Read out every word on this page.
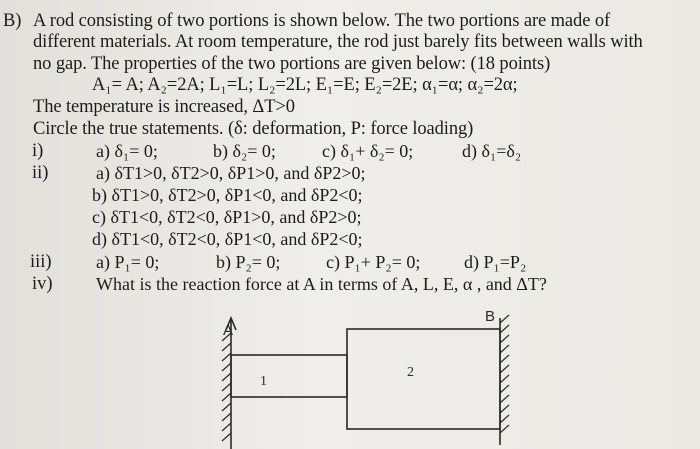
B) A rod consisting of two portions is shown below. The two portions are made of
different materials. At room temperature, the rod just barely fits between walls with
no gap. The properties of the two portions are given below: (18 points)
A₁= A; A₂=2A; L₁=L; L₂=2L; E₁=E; E₂=2E; α₁=α; α₂=2α;
The temperature is increased, ΔT>0
Circle the true statements. (δ: deformation, P: force loading)
i)	a) δ₁= 0;	b) δ₂= 0;	c) δ₁+ δ₂= 0;	d) δ₁=δ₂
ii)	a) δT1>0, δT2>0, δP1>0, and δP2>0;
b) δT1>0, δT2>0, δP1<0, and δP2<0;
c) δT1<0, δT2<0, δP1>0, and δP2>0;
d) δT1<0, δT2<0, δP1<0, and δP2<0;
iii) a) P₁= 0;	b) P₂= 0;	c) P₁+ P₂= 0; d) P₁=P₂
iv) What is the reaction force at A in terms of A, L, E, α , and ΔT?
A
B
1
2
